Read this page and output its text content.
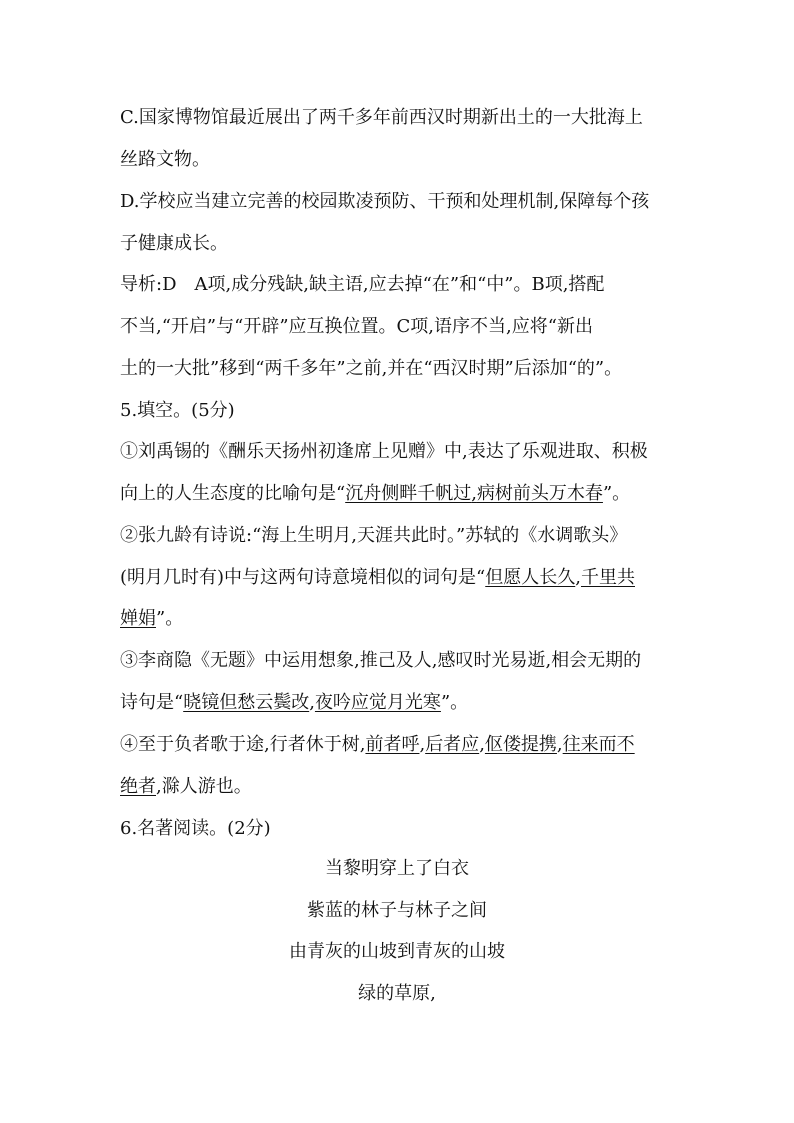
C.国家博物馆最近展出了两千多年前西汉时期新出土的一大批海上
丝路文物。
D.学校应当建立完善的校园欺凌预防、干预和处理机制,保障每个孩
子健康成长。
导析:D　A项,成分残缺,缺主语,应去掉“在”和“中”。B项,搭配
不当,“开启”与“开辟”应互换位置。C项,语序不当,应将“新出
土的一大批”移到“两千多年”之前,并在“西汉时期”后添加“的”。
5.填空。(5分)
①刘禹锡的《酬乐天扬州初逢席上见赠》中,表达了乐观进取、积极
向上的人生态度的比喻句是“沉舟侧畔千帆过,病树前头万木春”。
②张九龄有诗说:“海上生明月,天涯共此时。”苏轼的《水调歌头》
(明月几时有)中与这两句诗意境相似的词句是“但愿人长久,千里共
婵娟”。
③李商隐《无题》中运用想象,推己及人,感叹时光易逝,相会无期的
诗句是“晓镜但愁云鬓改,夜吟应觉月光寒”。
④至于负者歌于途,行者休于树,前者呼,后者应,伛偻提携,往来而不
绝者,滁人游也。
6.名著阅读。(2分)
当黎明穿上了白衣
紫蓝的林子与林子之间
由青灰的山坡到青灰的山坡
绿的草原,
